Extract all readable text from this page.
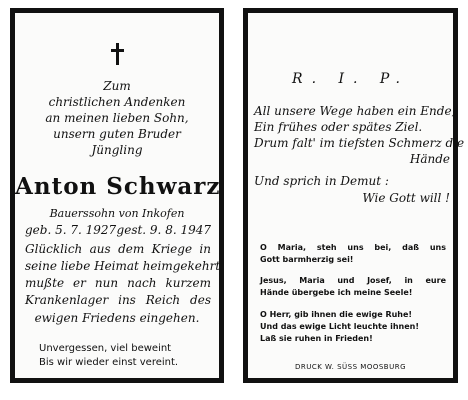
Zum
christlichen Andenken
an meinen lieben Sohn,
unsern guten Bruder
Jüngling
Anton Schwarz
Bauerssohn von Inkofen
geb. 5. 7. 1927 gest. 9. 8. 1947
Glücklich aus dem Kriege in
seine liebe Heimat heimgekehrt
mußte er nun nach kurzem
Krankenlager ins Reich des
ewigen Friedens eingehen.
Unvergessen, viel beweint
Bis wir wieder einst vereint.
R. I. P.
All unsere Wege haben ein Ende,
Ein frühes oder spätes Ziel.
Drum falt' im tiefsten Schmerz die
Hände
Und sprich in Demut :
Wie Gott will !
O Maria, steh uns bei, daß uns
Gott barmherzig sei!
Jesus, Maria und Josef, in eure
Hände übergebe ich meine Seele!
O Herr, gib ihnen die ewige Ruhe!
Und das ewige Licht leuchte ihnen!
Laß sie ruhen in Frieden!
DRUCK W. SÜSS MOOSBURG
